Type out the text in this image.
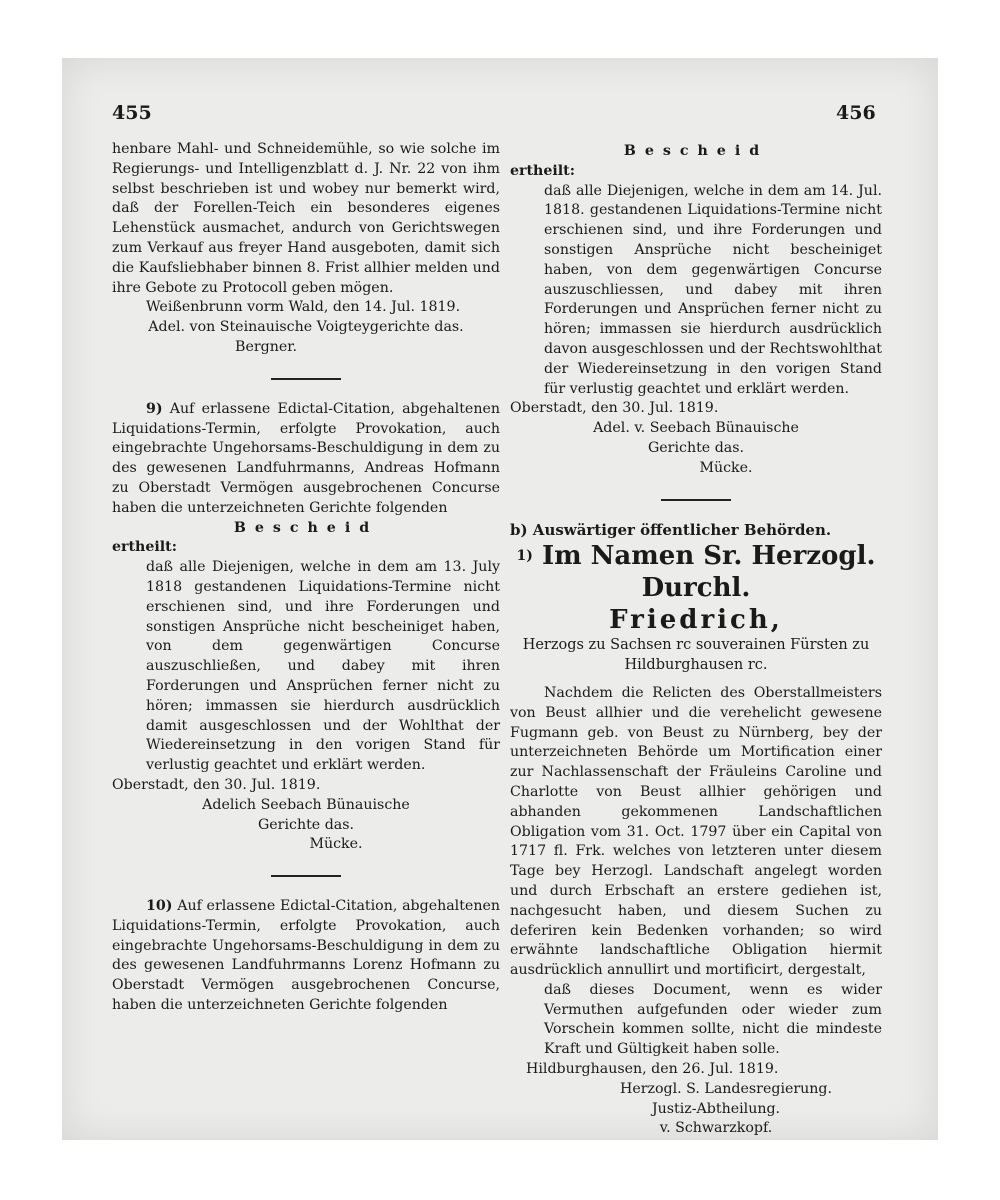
455	456

henbare Mahl- und Schneidemühle, so wie solche im Regierungs- und Intelligenzblatt d. J. Nr. 22 von ihm selbst beschrieben ist und wobey nur bemerkt wird, daß der Forellen-Teich ein besonderes eigenes Lehenstück ausmachet, andurch von Gerichtswegen zum Verkauf aus freyer Hand ausgeboten, damit sich die Kaufsliebhaber binnen 8. Frist allhier melden und ihre Gebote zu Protocoll geben mögen.

Weißenbrunn vorm Wald, den 14. Jul. 1819.

Adel. von Steinauische Voigteygerichte das.

Bergner.

9) Auf erlassene Edictal-Citation, abgehaltenen Liquidations-Termin, erfolgte Provokation, auch eingebrachte Ungehorsams-Beschuldigung in dem zu des gewesenen Landfuhrmanns, Andreas Hofmann zu Oberstadt Vermögen ausgebrochenen Concurse haben die unterzeichneten Gerichte folgenden

Bescheid

ertheilt:

daß alle Diejenigen, welche in dem am 13. July 1818 gestandenen Liquidations-Termine nicht erschienen sind, und ihre Forderungen und sonstigen Ansprüche nicht bescheiniget haben, von dem gegenwärtigen Concurse auszuschließen, und dabey mit ihren Forderungen und Ansprüchen ferner nicht zu hören; immassen sie hierdurch ausdrücklich damit ausgeschlossen und der Wohlthat der Wiedereinsetzung in den vorigen Stand für verlustig geachtet und erklärt werden.

Oberstadt, den 30. Jul. 1819.

Adelich Seebach Bünauische

Gerichte das.

Mücke.

10) Auf erlassene Edictal-Citation, abgehaltenen Liquidations-Termin, erfolgte Provokation, auch eingebrachte Ungehorsams-Beschuldigung in dem zu des gewesenen Landfuhrmanns Lorenz Hofmann zu Oberstadt Vermögen ausgebrochenen Concurse, haben die unterzeichneten Gerichte folgenden

Bescheid

ertheilt:

daß alle Diejenigen, welche in dem am 14. Jul. 1818. gestandenen Liquidations-Termine nicht erschienen sind, und ihre Forderungen und sonstigen Ansprüche nicht bescheiniget haben, von dem gegenwärtigen Concurse auszuschliessen, und dabey mit ihren Forderungen und Ansprüchen ferner nicht zu hören; immassen sie hierdurch ausdrücklich davon ausgeschlossen und der Rechtswohlthat der Wiedereinsetzung in den vorigen Stand für verlustig geachtet und erklärt werden.

Oberstadt, den 30. Jul. 1819.

Adel. v. Seebach Bünauische

Gerichte das.

Mücke.

b) Auswärtiger öffentlicher Behörden.

$^{1)}$ Im Namen Sr. Herzogl. Durchl.

Friedrich,

Herzogs zu Sachsen rc souverainen Fürsten zu Hildburghausen rc.

Nachdem die Relicten des Oberstallmeisters von Beust allhier und die verehelicht gewesene Fugmann geb. von Beust zu Nürnberg, bey der unterzeichneten Behörde um Mortification einer zur Nachlassenschaft der Fräuleins Caroline und Charlotte von Beust allhier gehörigen und abhanden gekommenen Landschaftlichen Obligation vom 31. Oct. 1797 über ein Capital von 1717 fl. Frk. welches von letzteren unter diesem Tage bey Herzogl. Landschaft angelegt worden und durch Erbschaft an erstere gediehen ist, nachgesucht haben, und diesem Suchen zu deferiren kein Bedenken vorhanden; so wird erwähnte landschaftliche Obligation hiermit ausdrücklich annullirt und mortificirt, dergestalt,

daß dieses Document, wenn es wider Vermuthen aufgefunden oder wieder zum Vorschein kommen sollte, nicht die mindeste Kraft und Gültigkeit haben solle.

Hildburghausen, den 26. Jul. 1819.

Herzogl. S. Landesregierung.

Justiz-Abtheilung.

v. Schwarzkopf.
